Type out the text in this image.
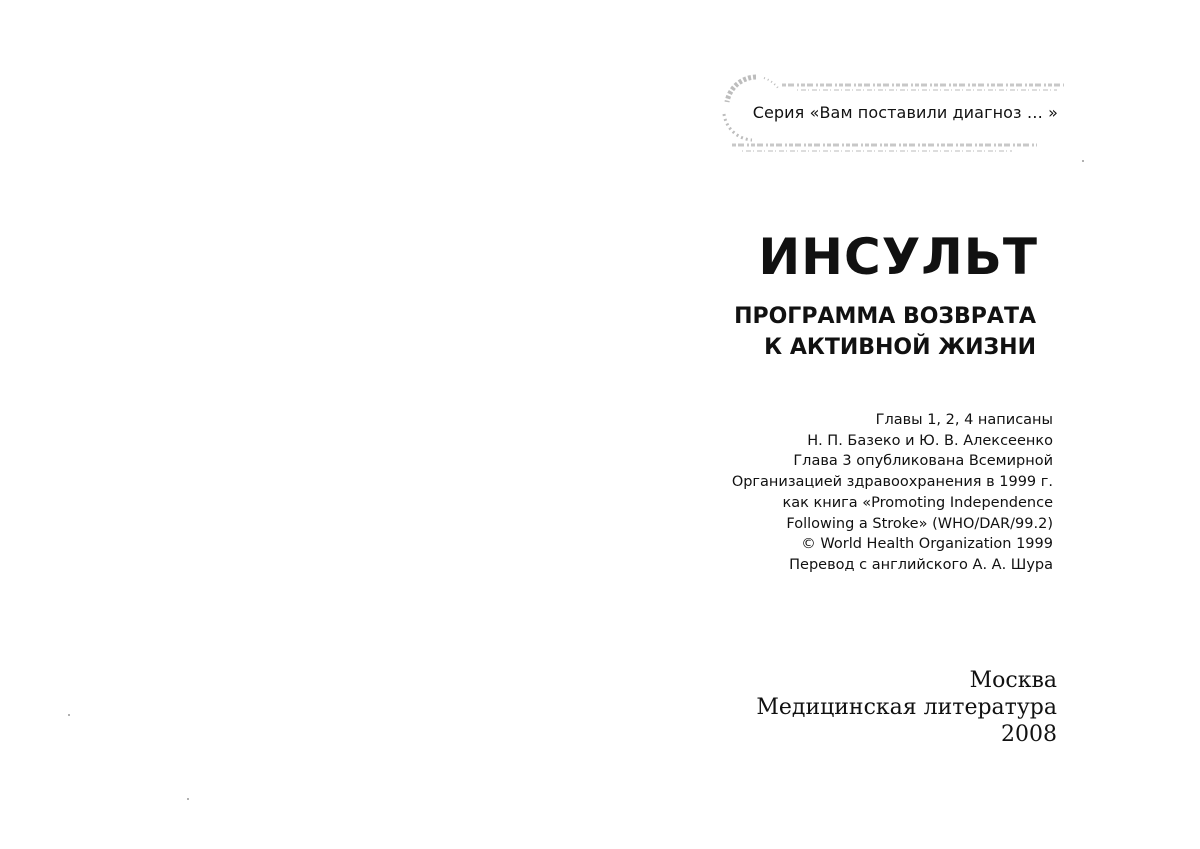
Серия «Вам поставили диагноз … »
ИНСУЛЬТ
ПРОГРАММА ВОЗВРАТА
К АКТИВНОЙ ЖИЗНИ
Главы 1, 2, 4 написаны
Н. П. Базеко и Ю. В. Алексеенко
Глава 3 опубликована Всемирной
Организацией здравоохранения в 1999 г.
как книга «Promoting Independence
Following a Stroke» (WHO/DAR/99.2)
© World Health Organization 1999
Перевод с английского А. А. Шура
Москва
Медицинская литература
2008
